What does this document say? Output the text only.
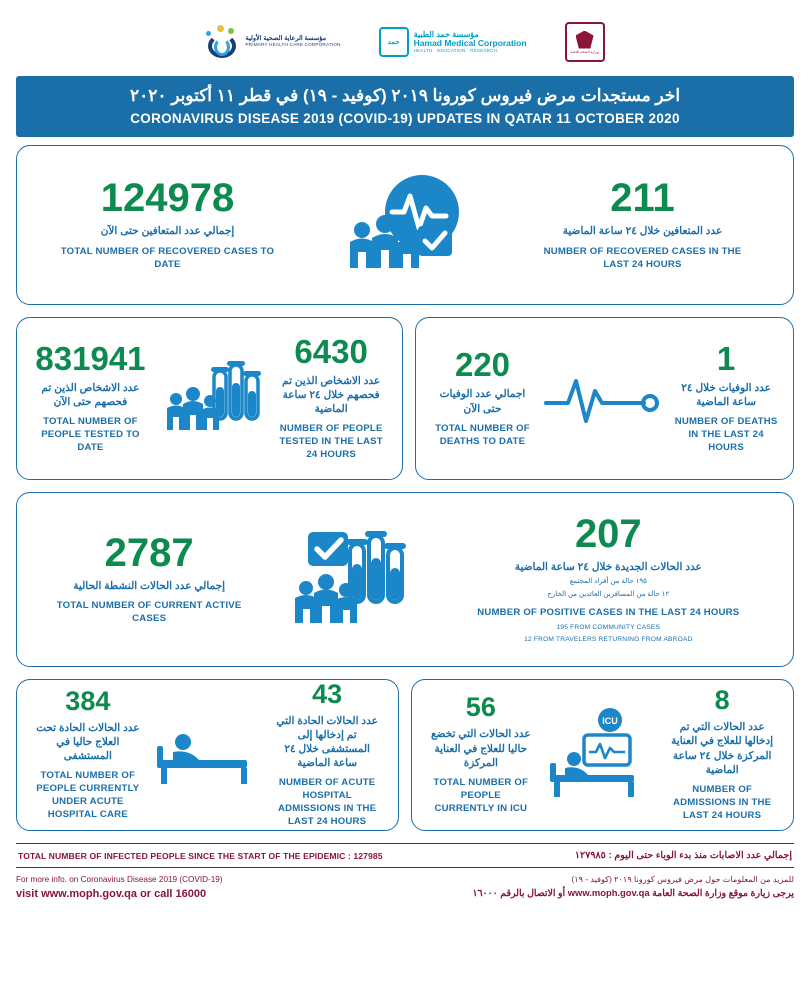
مؤسسة الرعاية الصحية الأولية
PRIMARY HEALTH CARE CORPORATION	حمد
مؤسسة حمد الطبية
Hamad Medical Corporation
HEALTH · EDUCATION · RESEARCH	وزارة الصحة العامة
اخر مستجدات مرض فيروس كورونا ٢٠١٩ (كوفيد - ١٩) في قطر ١١ أكتوبر ٢٠٢٠
CORONAVIRUS DISEASE 2019 (COVID-19) UPDATES IN QATAR 11 OCTOBER 2020
124978
إجمالي عدد المتعافين حتى الآن
TOTAL NUMBER OF RECOVERED CASES TO DATE
211
عدد المتعافين خلال ٢٤ ساعة الماضية
NUMBER OF RECOVERED CASES IN THE LAST 24 HOURS
831941
عدد الاشخاص الذين تم فحصهم حتى الآن
TOTAL NUMBER OF PEOPLE TESTED TO DATE
6430
عدد الاشخاص الذين تم فحصهم خلال ٢٤ ساعة الماضية
NUMBER OF PEOPLE TESTED IN THE LAST 24 HOURS
220
اجمالي عدد الوفيات حتى الآن
TOTAL NUMBER OF DEATHS TO DATE
1
عدد الوفيات خلال ٢٤ ساعة الماضية
NUMBER OF DEATHS IN THE LAST 24 HOURS
2787
إجمالي عدد الحالات النشطة الحالية
TOTAL NUMBER OF CURRENT ACTIVE CASES
207
عدد الحالات الجديدة خلال ٢٤ ساعة الماضية
١٩٥ حالة من أفراد المجتمع
١٢ حالة من المسافرين العائدين من الخارج
NUMBER OF POSITIVE CASES IN THE LAST 24 HOURS
195 FROM COMMUNITY CASES
12 FROM TRAVELERS RETURNING FROM ABROAD
384
عدد الحالات الحادة تحت العلاج حاليا في المستشفى
TOTAL NUMBER OF PEOPLE CURRENTLY UNDER ACUTE HOSPITAL CARE
43
عدد الحالات الحادة التي تم إدخالها إلى المستشفى خلال ٢٤ ساعة الماضية
NUMBER OF ACUTE HOSPITAL ADMISSIONS IN THE LAST 24 HOURS
56
عدد الحالات التي تخضع حاليا للعلاج في العناية المركزة
TOTAL NUMBER OF PEOPLE CURRENTLY IN ICU
ICU
8
عدد الحالات التي تم إدخالها للعلاج في العناية المركزة خلال ٢٤ ساعة الماضية
NUMBER OF ADMISSIONS IN THE LAST 24 HOURS
TOTAL NUMBER OF INFECTED PEOPLE SINCE THE START OF THE EPIDEMIC : 127985	إجمالي عدد الاصابات منذ بدء الوباء حتى اليوم : ١٢٧٩٨٥
For more info. on Coronavirus Disease 2019 (COVID-19)
visit www.moph.gov.qa or call 16000
للمزيد من المعلومات حول مرض فيروس كورونا ٢٠١٩ (كوفيد - ١٩)
يرجى زيارة موقع وزارة الصحة العامة www.moph.gov.qa أو الاتصال بالرقم ١٦٠٠٠
